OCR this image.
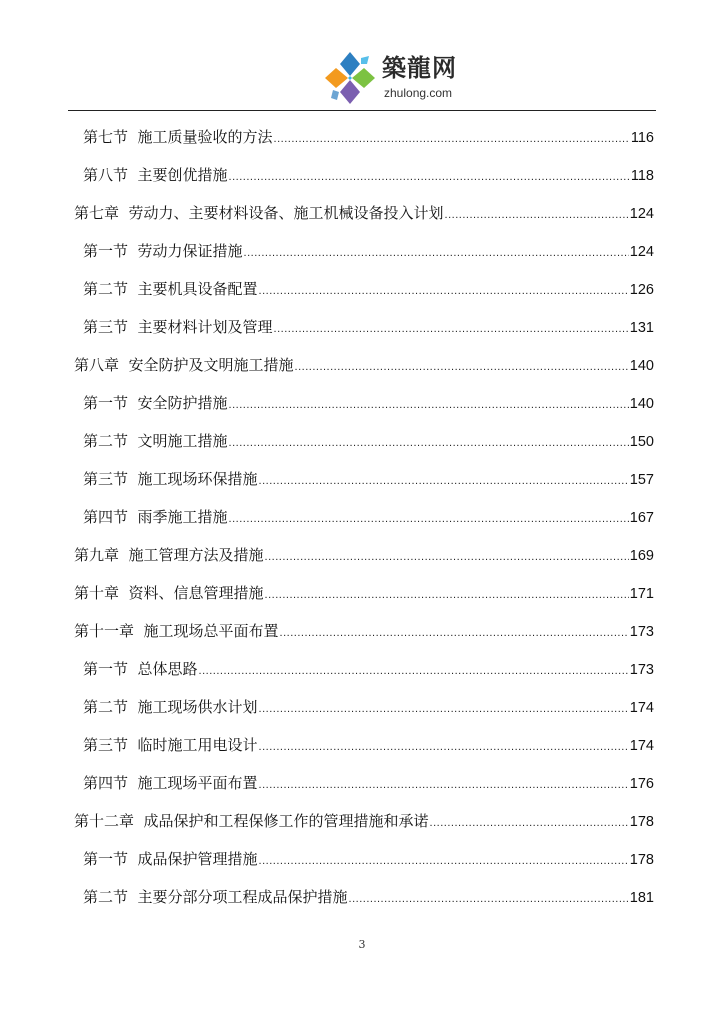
築龍网
zhulong.com
第七节  施工质量验收的方法 .....	116
第八节  主要创优措施 .....	118
第七章  劳动力、主要材料设备、施工机械设备投入计划 .....	124
第一节  劳动力保证措施 .....	124
第二节  主要机具设备配置 .....	126
第三节  主要材料计划及管理 .....	131
第八章  安全防护及文明施工措施 .....	140
第一节  安全防护措施 .....	140
第二节  文明施工措施 .....	150
第三节  施工现场环保措施 .....	157
第四节  雨季施工措施 .....	167
第九章  施工管理方法及措施 .....	169
第十章  资料、信息管理措施 .....	171
第十一章  施工现场总平面布置 .....	173
第一节  总体思路 .....	173
第二节  施工现场供水计划 .....	174
第三节  临时施工用电设计 .....	174
第四节  施工现场平面布置 .....	176
第十二章  成品保护和工程保修工作的管理措施和承诺 .....	178
第一节  成品保护管理措施 .....	178
第二节  主要分部分项工程成品保护措施 .....	181
3
